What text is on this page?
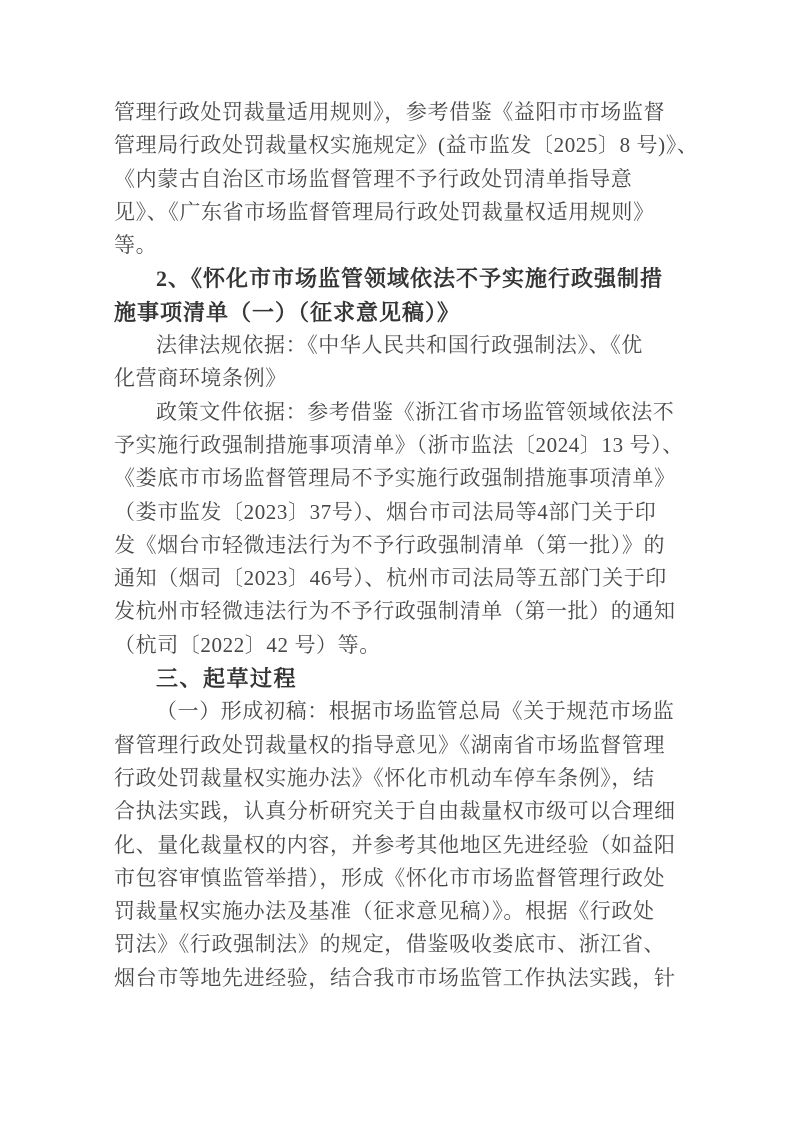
管理行政处罚裁量适用规则》，参考借鉴《益阳市市场监督
管理局行政处罚裁量权实施规定》(益市监发〔2025〕8 号)》、
《内蒙古自治区市场监督管理不予行政处罚清单指导意
见》、《广东省市场监督管理局行政处罚裁量权适用规则》
等。
2、《怀化市市场监管领域依法不予实施行政强制措
施事项清单（一）（征求意见稿）》
法律法规依据：《中华人民共和国行政强制法》、《优
化营商环境条例》
政策文件依据：参考借鉴《浙江省市场监管领域依法不
予实施行政强制措施事项清单》（浙市监法〔2024〕13 号）、
《娄底市市场监督管理局不予实施行政强制措施事项清单》
（娄市监发〔2023〕37号）、烟台市司法局等4部门关于印
发《烟台市轻微违法行为不予行政强制清单（第一批）》的
通知（烟司〔2023〕46号）、杭州市司法局等五部门关于印
发杭州市轻微违法行为不予行政强制清单（第一批）的通知
（杭司〔2022〕42 号）等。
三、起草过程
（一）形成初稿：根据市场监管总局《关于规范市场监
督管理行政处罚裁量权的指导意见》《湖南省市场监督管理
行政处罚裁量权实施办法》《怀化市机动车停车条例》，结
合执法实践，认真分析研究关于自由裁量权市级可以合理细
化、量化裁量权的内容，并参考其他地区先进经验（如益阳
市包容审慎监管举措），形成《怀化市市场监督管理行政处
罚裁量权实施办法及基准（征求意见稿）》。根据《行政处
罚法》《行政强制法》的规定，借鉴吸收娄底市、浙江省、
烟台市等地先进经验，结合我市市场监管工作执法实践，针
